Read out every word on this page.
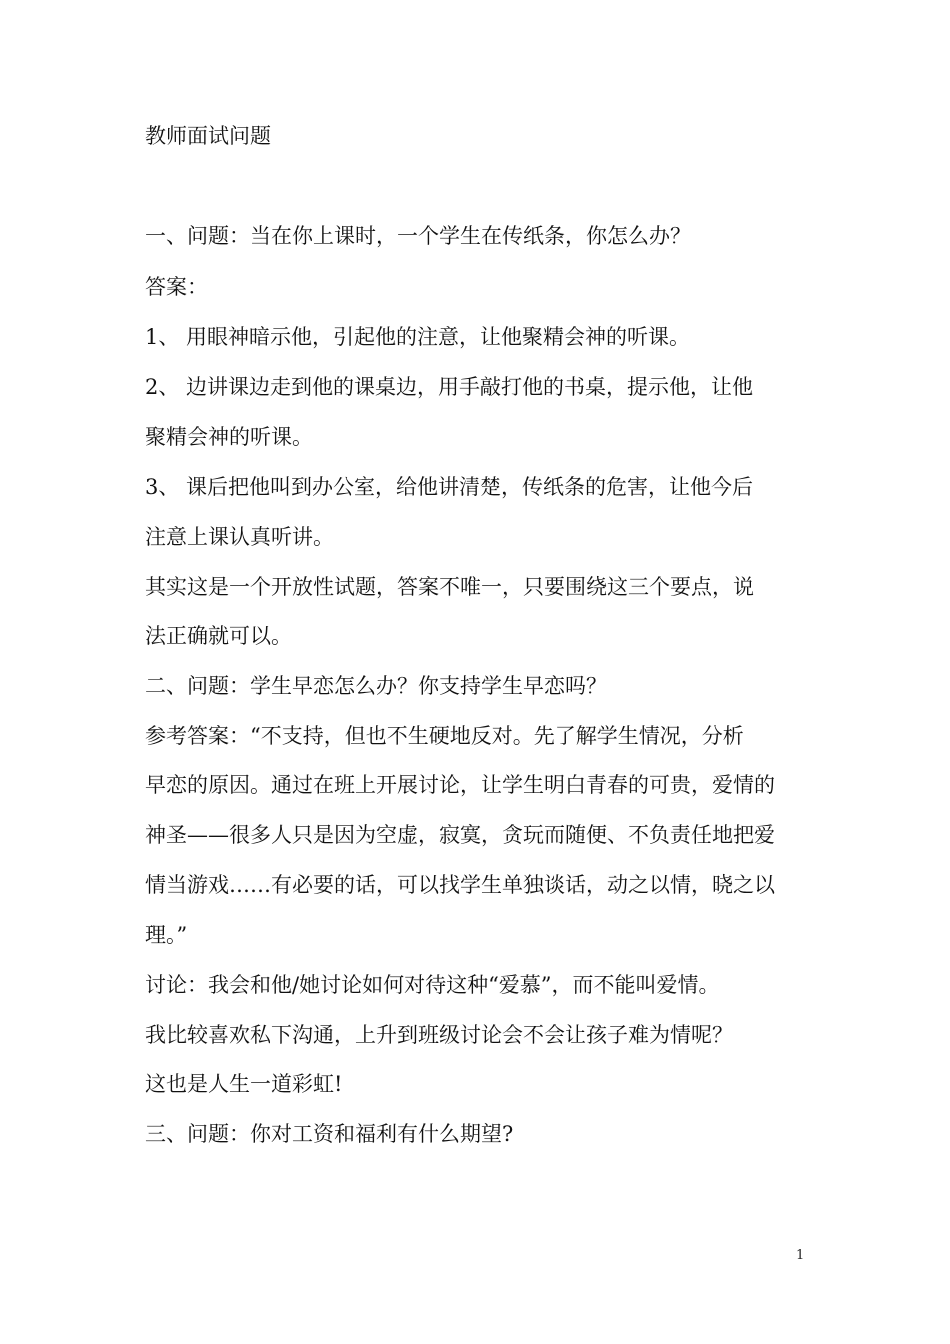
教师面试问题
一、问题：当在你上课时，一个学生在传纸条，你怎么办？
答案：
1、 用眼神暗示他，引起他的注意，让他聚精会神的听课。
2、 边讲课边走到他的课桌边，用手敲打他的书桌，提示他，让他
聚精会神的听课。
3、 课后把他叫到办公室，给他讲清楚，传纸条的危害，让他今后
注意上课认真听讲。
其实这是一个开放性试题，答案不唯一，只要围绕这三个要点，说
法正确就可以。
二、问题：学生早恋怎么办？你支持学生早恋吗？
参考答案：“不支持，但也不生硬地反对。先了解学生情况，分析
早恋的原因。通过在班上开展讨论，让学生明白青春的可贵，爱情的
神圣——很多人只是因为空虚，寂寞，贪玩而随便、不负责任地把爱
情当游戏……有必要的话，可以找学生单独谈话，动之以情，晓之以
理。”
讨论：我会和他/她讨论如何对待这种“爱慕”，而不能叫爱情。
我比较喜欢私下沟通，上升到班级讨论会不会让孩子难为情呢？
这也是人生一道彩虹!
三、问题：你对工资和福利有什么期望?
1
